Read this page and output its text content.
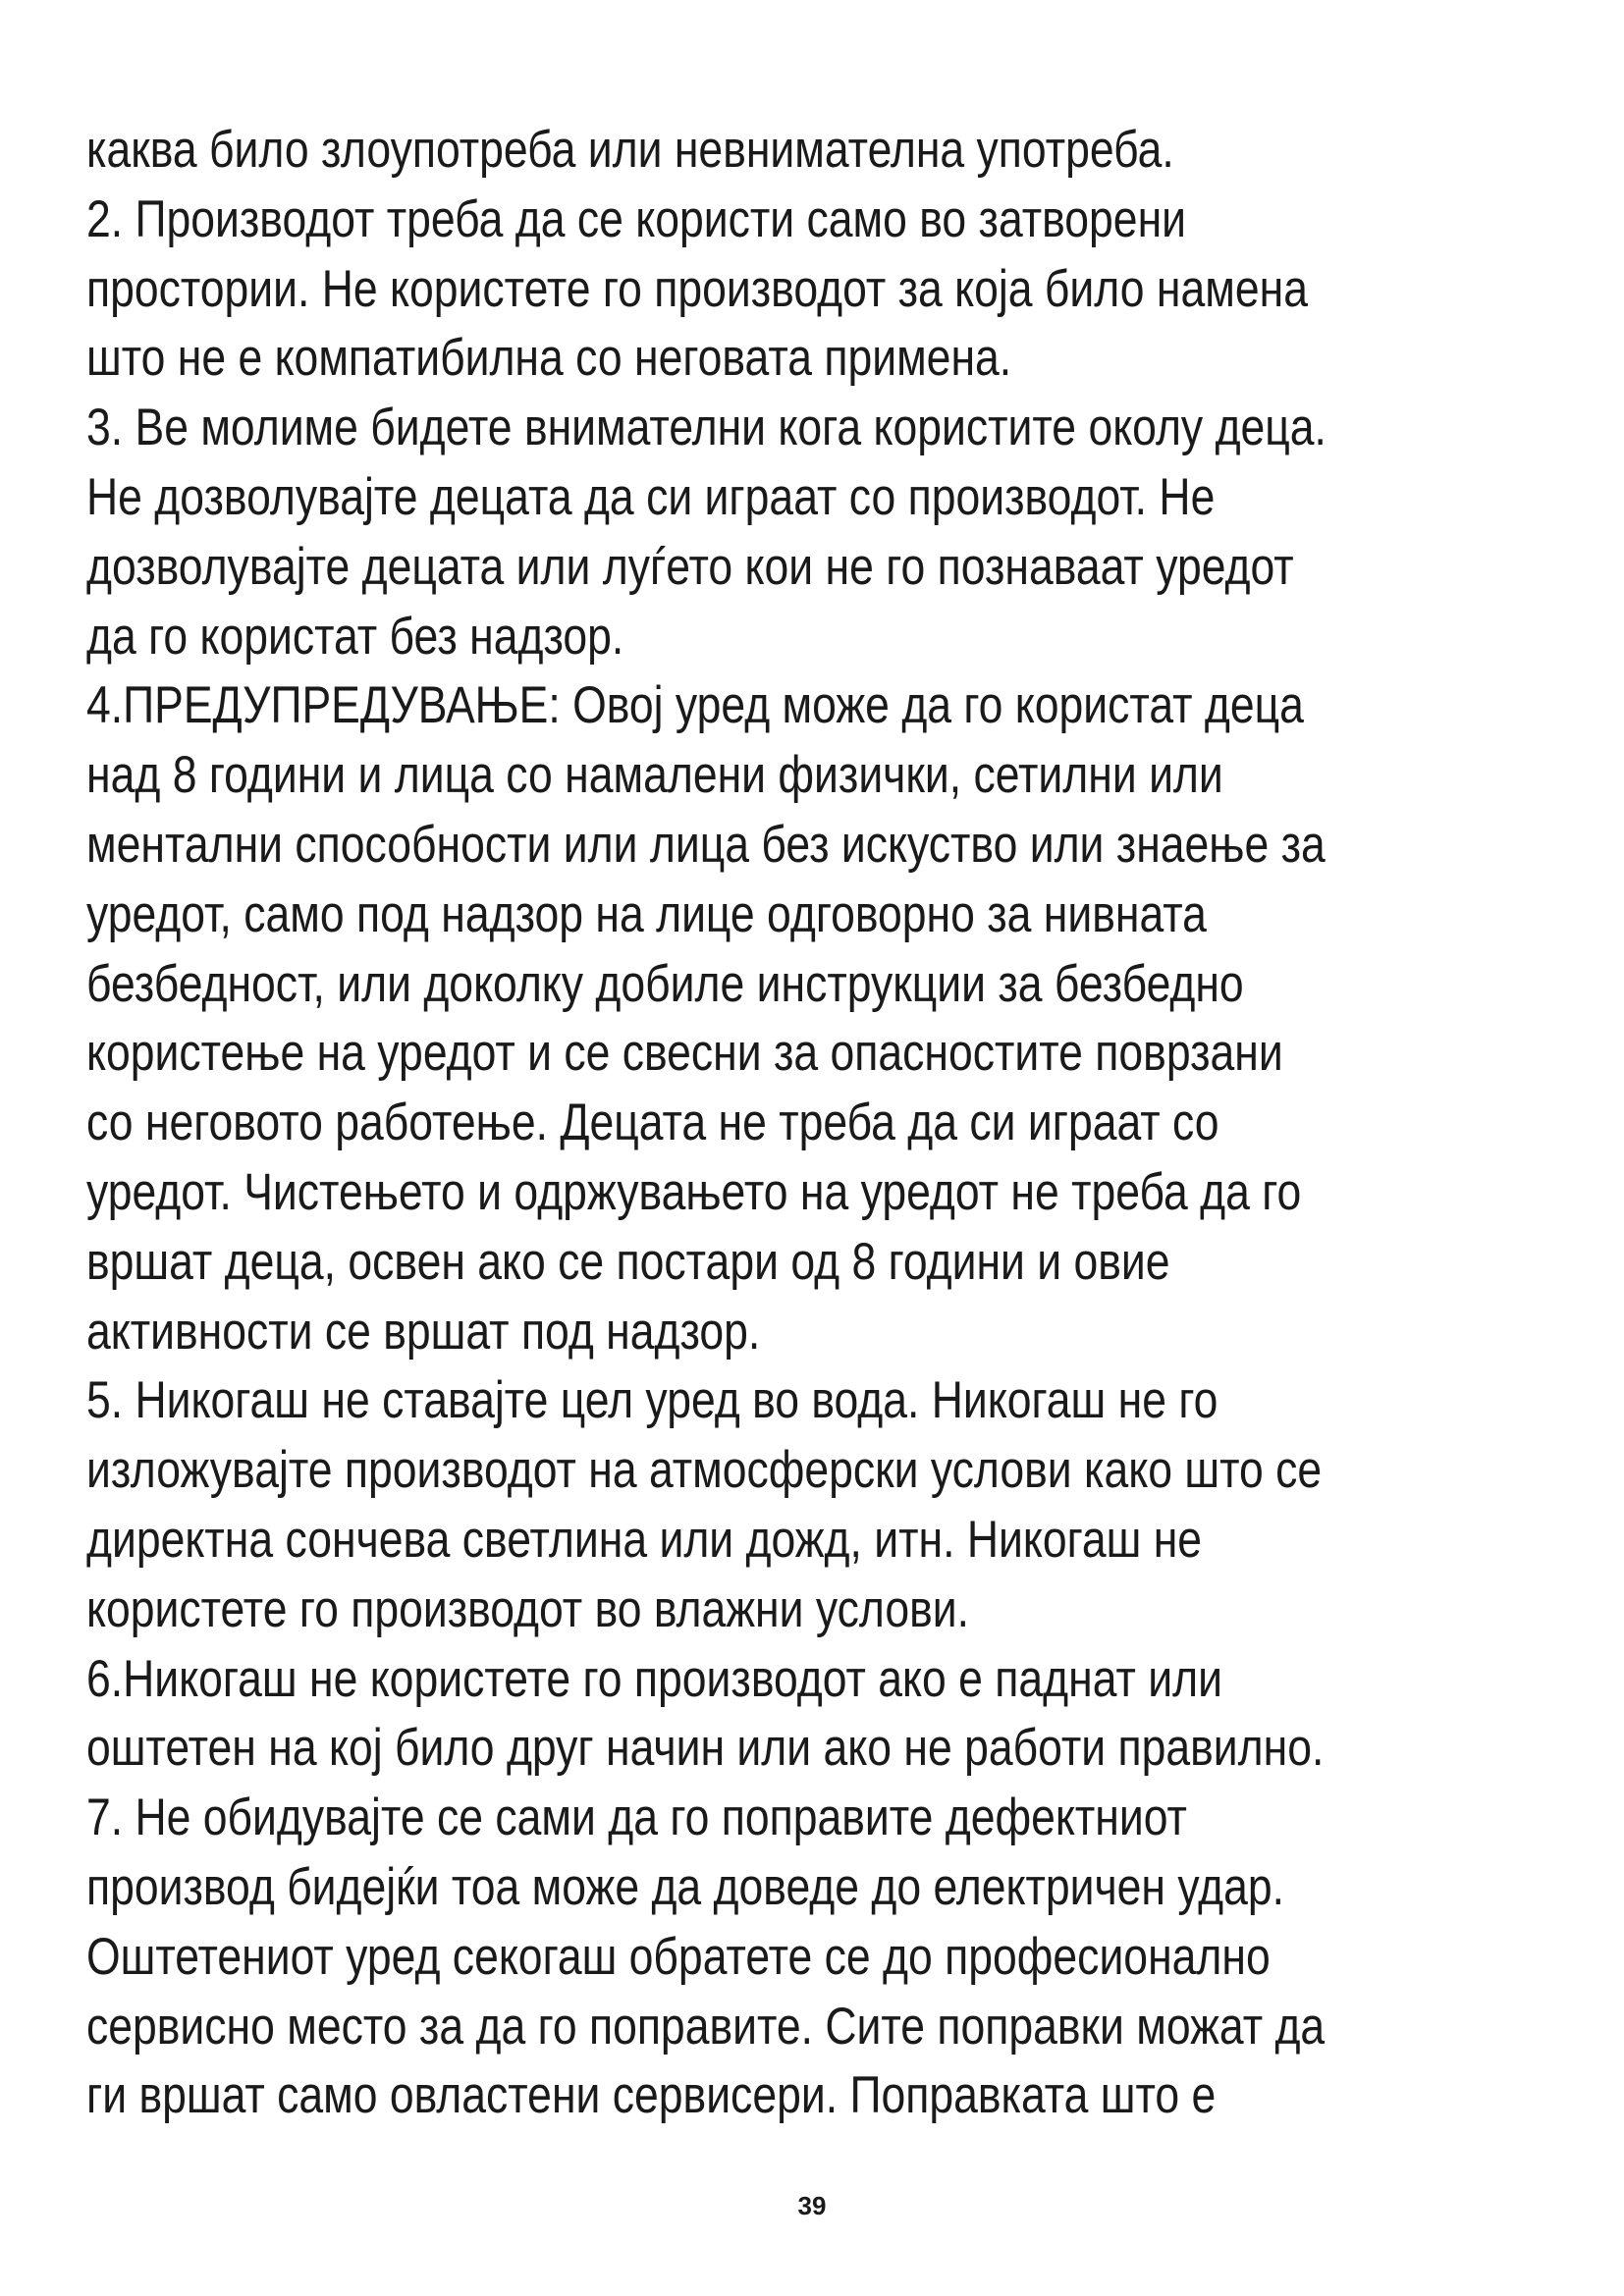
каква било злоупотреба или невнимателна употреба.
2. Производот треба да се користи само во затворени
простории. Не користете го производот за која било намена
што не е компатибилна со неговата примена.
3. Ве молиме бидете внимателни кога користите околу деца.
Не дозволувајте децата да си играат со производот. Не
дозволувајте децата или луѓето кои не го познаваат уредот
да го користат без надзор.
4.ПРЕДУПРЕДУВАЊЕ: Овој уред може да го користат деца
над 8 години и лица со намалени физички, сетилни или
ментални способности или лица без искуство или знаење за
уредот, само под надзор на лице одговорно за нивната
безбедност, или доколку добиле инструкции за безбедно
користење на уредот и се свесни за опасностите поврзани
со неговото работење. Децата не треба да си играат со
уредот. Чистењето и одржувањето на уредот не треба да го
вршат деца, освен ако се постари од 8 години и овие
активности се вршат под надзор.
5. Никогаш не ставајте цел уред во вода. Никогаш не го
изложувајте производот на атмосферски услови како што се
директна сончева светлина или дожд, итн. Никогаш не
користете го производот во влажни услови.
6.Никогаш не користете го производот ако е паднат или
оштетен на кој било друг начин или ако не работи правилно.
7. Не обидувајте се сами да го поправите дефектниот
производ бидејќи тоа може да доведе до електричен удар.
Оштетениот уред секогаш обратете се до професионално
сервисно место за да го поправите. Сите поправки можат да
ги вршат само овластени сервисери. Поправката што е
39
